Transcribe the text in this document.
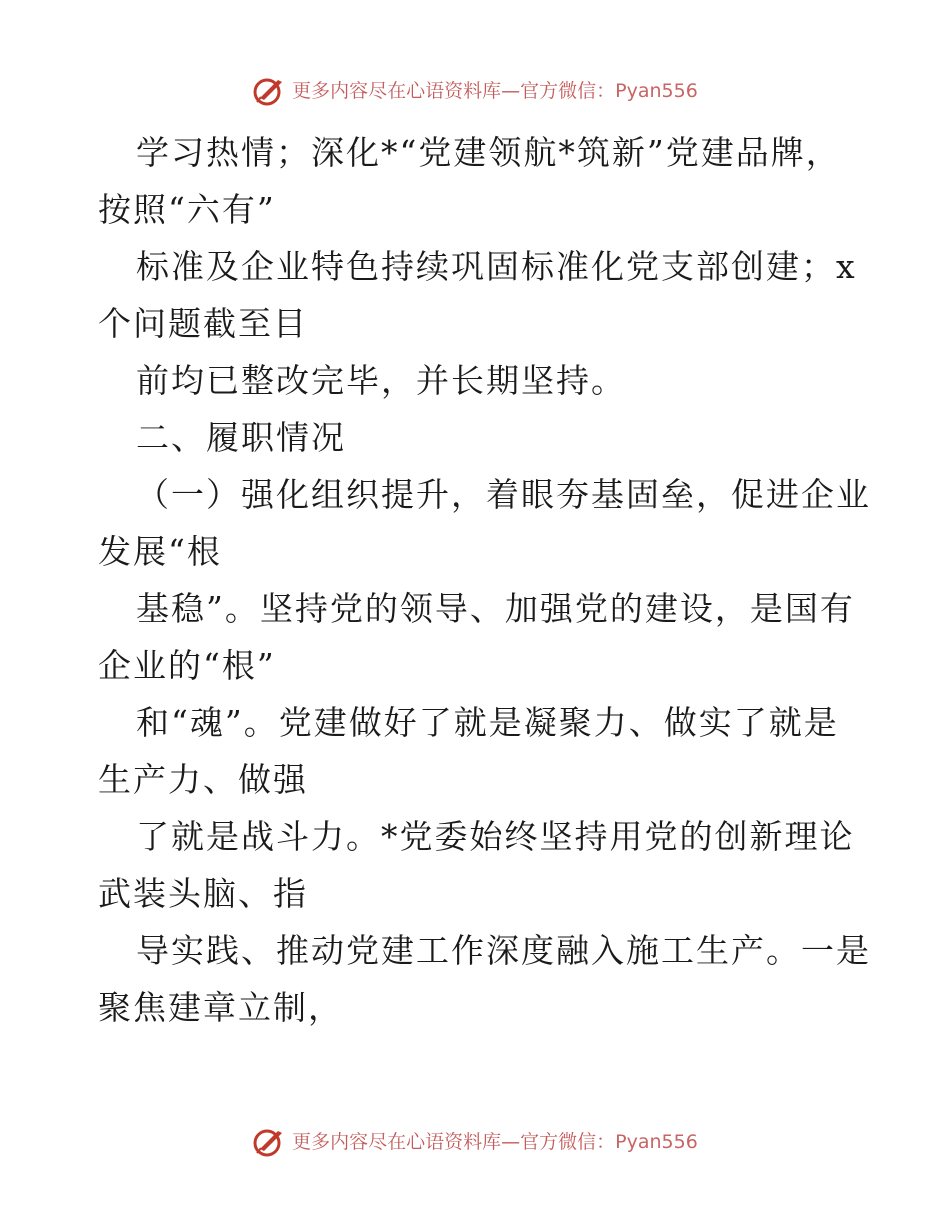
更多内容尽在心语资料库—官方微信：Pyan556
学习热情；深化*“党建领航*筑新”党建品牌，
按照“六有”
标准及企业特色持续巩固标准化党支部创建；x
个问题截至目
前均已整改完毕，并长期坚持。
二、履职情况
（一）强化组织提升，着眼夯基固垒，促进企业
发展“根
基稳”。坚持党的领导、加强党的建设，是国有
企业的“根”
和“魂”。党建做好了就是凝聚力、做实了就是
生产力、做强
了就是战斗力。*党委始终坚持用党的创新理论
武装头脑、指
导实践、推动党建工作深度融入施工生产。一是
聚焦建章立制，
更多内容尽在心语资料库—官方微信：Pyan556
